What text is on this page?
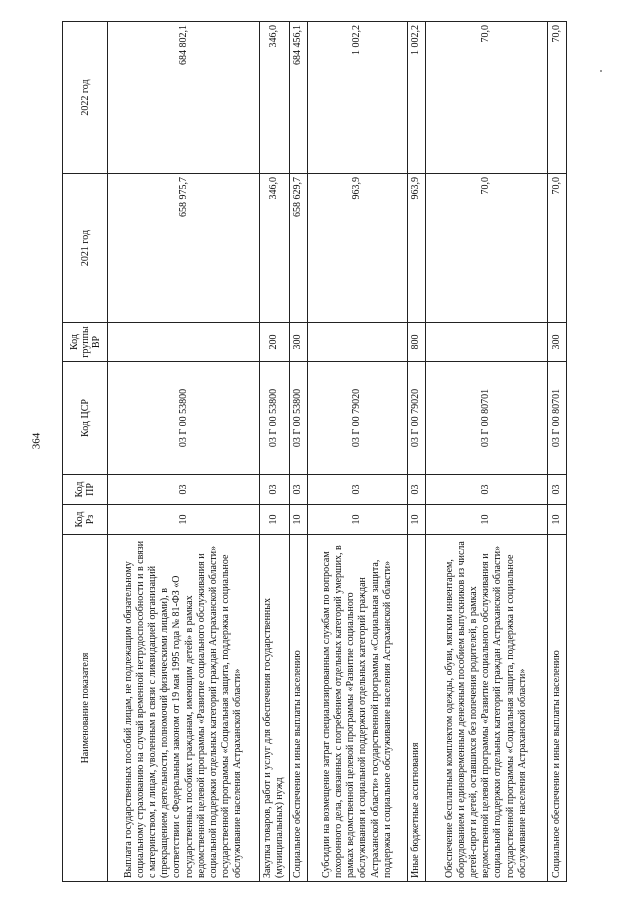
364
Наименование показателя	Код Рз	Код ПР	Код ЦСР	Код группы ВР	2021 год	2022 год
Выплата государственных пособий лицам, не подлежащим обязательному социальному страхованию на случай временной нетрудоспособности и в связи с материнством, и лицам, уволенным в связи с ликвидацией организаций (прекращением деятельности, полномочий физическими лицами), в соответствии с Федеральным законом от 19 мая 1995 года № 81-ФЗ «О государственных пособиях гражданам, имеющим детей» в рамках ведомственной целевой программы «Развитие социального обслуживания и социальной поддержки отдельных категорий граждан Астраханской области» государственной программы «Социальная защита, поддержка и социальное обслуживание населения Астраханской области»	10	03	03 Г 00 53800		658 975,7	684 802,1
Закупка товаров, работ и услуг для обеспечения государственных (муниципальных) нужд	10	03	03 Г 00 53800	200	346,0	346,0
Социальное обеспечение и иные выплаты населению	10	03	03 Г 00 53800	300	658 629,7	684 456,1
Субсидии на возмещение затрат специализированным службам по вопросам похоронного дела, связанных с погребением отдельных категорий умерших, в рамках ведомственной целевой программы «Развитие социального обслуживания и социальной поддержки отдельных категорий граждан Астраханской области» государственной программы «Социальная защита, поддержка и социальное обслуживание населения Астраханской области»	10	03	03 Г 00 79020		963,9	1 002,2
Иные бюджетные ассигнования	10	03	03 Г 00 79020	800	963,9	1 002,2
Обеспечение бесплатным комплектом одежды, обуви, мягким инвентарем, оборудованием и единовременным денежным пособием выпускников из числа детей-сирот и детей, оставшихся без попечения родителей, в рамках ведомственной целевой программы «Развитие социального обслуживания и социальной поддержки отдельных категорий граждан Астраханской области» государственной программы «Социальная защита, поддержка и социальное обслуживание населения Астраханской области»	10	03	03 Г 00 80701		70,0	70,0
Социальное обеспечение и иные выплаты населению	10	03	03 Г 00 80701	300	70,0	70,0
